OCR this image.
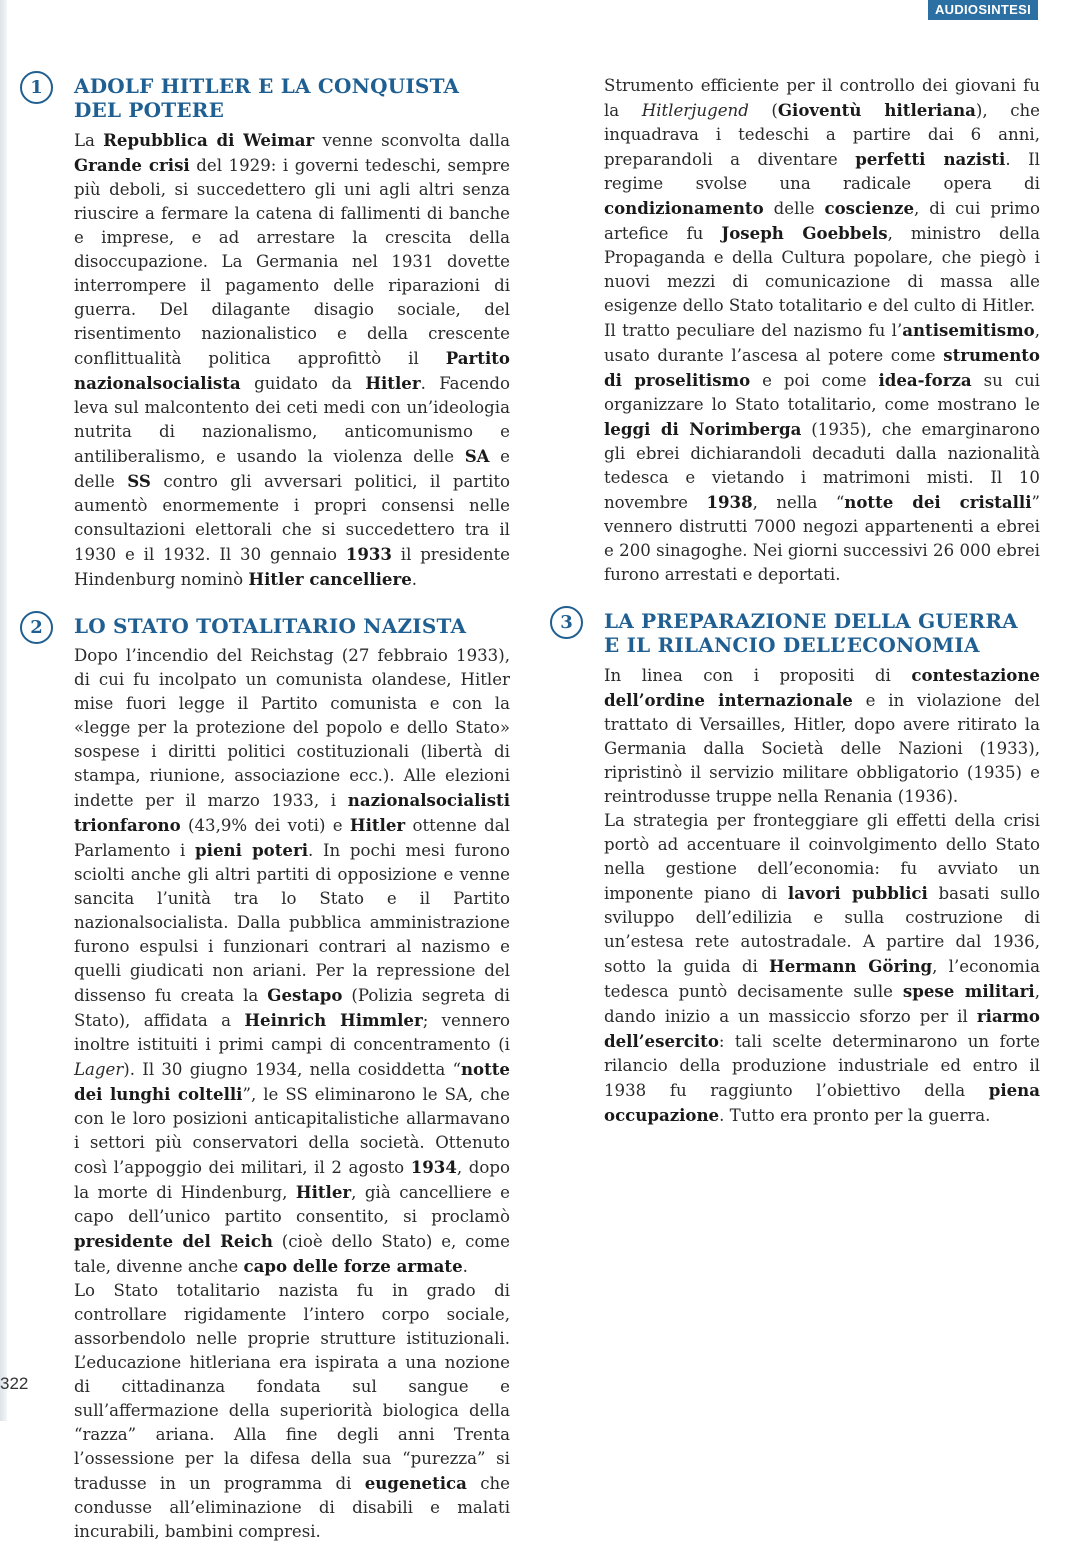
AUDIOSINTESI
1	ADOLF HITLER E LA CONQUISTA
DEL POTERE

La Repubblica di Weimar venne sconvolta dalla Grande crisi del 1929: i governi tedeschi, sempre più deboli, si succedettero gli uni agli altri senza riuscire a fermare la catena di fallimenti di banche e imprese, e ad arrestare la crescita della disoccupazione. La Germania nel 1931 dovette interrompere il pagamento delle riparazioni di guerra. Del dilagante disagio sociale, del risentimento nazionalistico e della crescente conflittualità politica approfittò il Partito nazionalsocialista guidato da Hitler. Facendo leva sul malcontento dei ceti medi con un’ideologia nutrita di nazionalismo, anticomunismo e antiliberalismo, e usando la violenza delle SA e delle SS contro gli avversari politici, il partito aumentò enormemente i propri consensi nelle consultazioni elettorali che si succedettero tra il 1930 e il 1932. Il 30 gennaio 1933 il presidente Hindenburg nominò Hitler cancelliere.

2	LO STATO TOTALITARIO NAZISTA

Dopo l’incendio del Reichstag (27 febbraio 1933), di cui fu incolpato un comunista olandese, Hitler mise fuori legge il Partito comunista e con la «legge per la protezione del popolo e dello Stato» sospese i diritti politici costituzionali (libertà di stampa, riunione, associazione ecc.). Alle elezioni indette per il marzo 1933, i nazionalsocialisti trionfarono (43,9% dei voti) e Hitler ottenne dal Parlamento i pieni poteri. In pochi mesi furono sciolti anche gli altri partiti di opposizione e venne sancita l’unità tra lo Stato e il Partito nazionalsocialista. Dalla pubblica amministrazione furono espulsi i funzionari contrari al nazismo e quelli giudicati non ariani. Per la repressione del dissenso fu creata la Gestapo (Polizia segreta di Stato), affidata a Heinrich Himmler; vennero inoltre istituiti i primi campi di concentramento (i Lager). Il 30 giugno 1934, nella cosiddetta “notte dei lunghi coltelli”, le SS eliminarono le SA, che con le loro posizioni anticapitalistiche allarmavano i settori più conservatori della società. Ottenuto così l’appoggio dei militari, il 2 agosto 1934, dopo la morte di Hindenburg, Hitler, già cancelliere e capo dell’unico partito consentito, si proclamò presidente del Reich (cioè dello Stato) e, come tale, divenne anche capo delle forze armate.

Lo Stato totalitario nazista fu in grado di controllare rigidamente l’intero corpo sociale, assorbendolo nelle proprie strutture istituzionali. L’educazione hitleriana era ispirata a una nozione di cittadinanza fondata sul sangue e sull’affermazione della superiorità biologica della “razza” ariana. Alla fine degli anni Trenta l’ossessione per la difesa della sua “purezza” si tradusse in un programma di eugenetica che condusse all’eliminazione di disabili e malati incurabili, bambini compresi.

Strumento efficiente per il controllo dei giovani fu la Hitlerjugend (Gioventù hitleriana), che inquadrava i tedeschi a partire dai 6 anni, preparandoli a diventare perfetti nazisti. Il regime svolse una radicale opera di condizionamento delle coscienze, di cui primo artefice fu Joseph Goebbels, ministro della Propaganda e della Cultura popolare, che piegò i nuovi mezzi di comunicazione di massa alle esigenze dello Stato totalitario e del culto di Hitler.

Il tratto peculiare del nazismo fu l’antisemitismo, usato durante l’ascesa al potere come strumento di proselitismo e poi come idea-forza su cui organizzare lo Stato totalitario, come mostrano le leggi di Norimberga (1935), che emarginarono gli ebrei dichiarandoli decaduti dalla nazionalità tedesca e vietando i matrimoni misti. Il 10 novembre 1938, nella “notte dei cristalli” vennero distrutti 7000 negozi appartenenti a ebrei e 200 sinagoghe. Nei giorni successivi 26 000 ebrei furono arrestati e deportati.

3	LA PREPARAZIONE DELLA GUERRA
E IL RILANCIO DELL’ECONOMIA

In linea con i propositi di contestazione dell’ordine internazionale e in violazione del trattato di Versailles, Hitler, dopo avere ritirato la Germania dalla Società delle Nazioni (1933), ripristinò il servizio militare obbligatorio (1935) e reintrodusse truppe nella Renania (1936).

La strategia per fronteggiare gli effetti della crisi portò ad accentuare il coinvolgimento dello Stato nella gestione dell’economia: fu avviato un imponente piano di lavori pubblici basati sullo sviluppo dell’edilizia e sulla costruzione di un’estesa rete autostradale. A partire dal 1936, sotto la guida di Hermann Göring, l’economia tedesca puntò decisamente sulle spese militari, dando inizio a un massiccio sforzo per il riarmo dell’esercito: tali scelte determinarono un forte rilancio della produzione industriale ed entro il 1938 fu raggiunto l’obiettivo della piena occupazione. Tutto era pronto per la guerra.

322
